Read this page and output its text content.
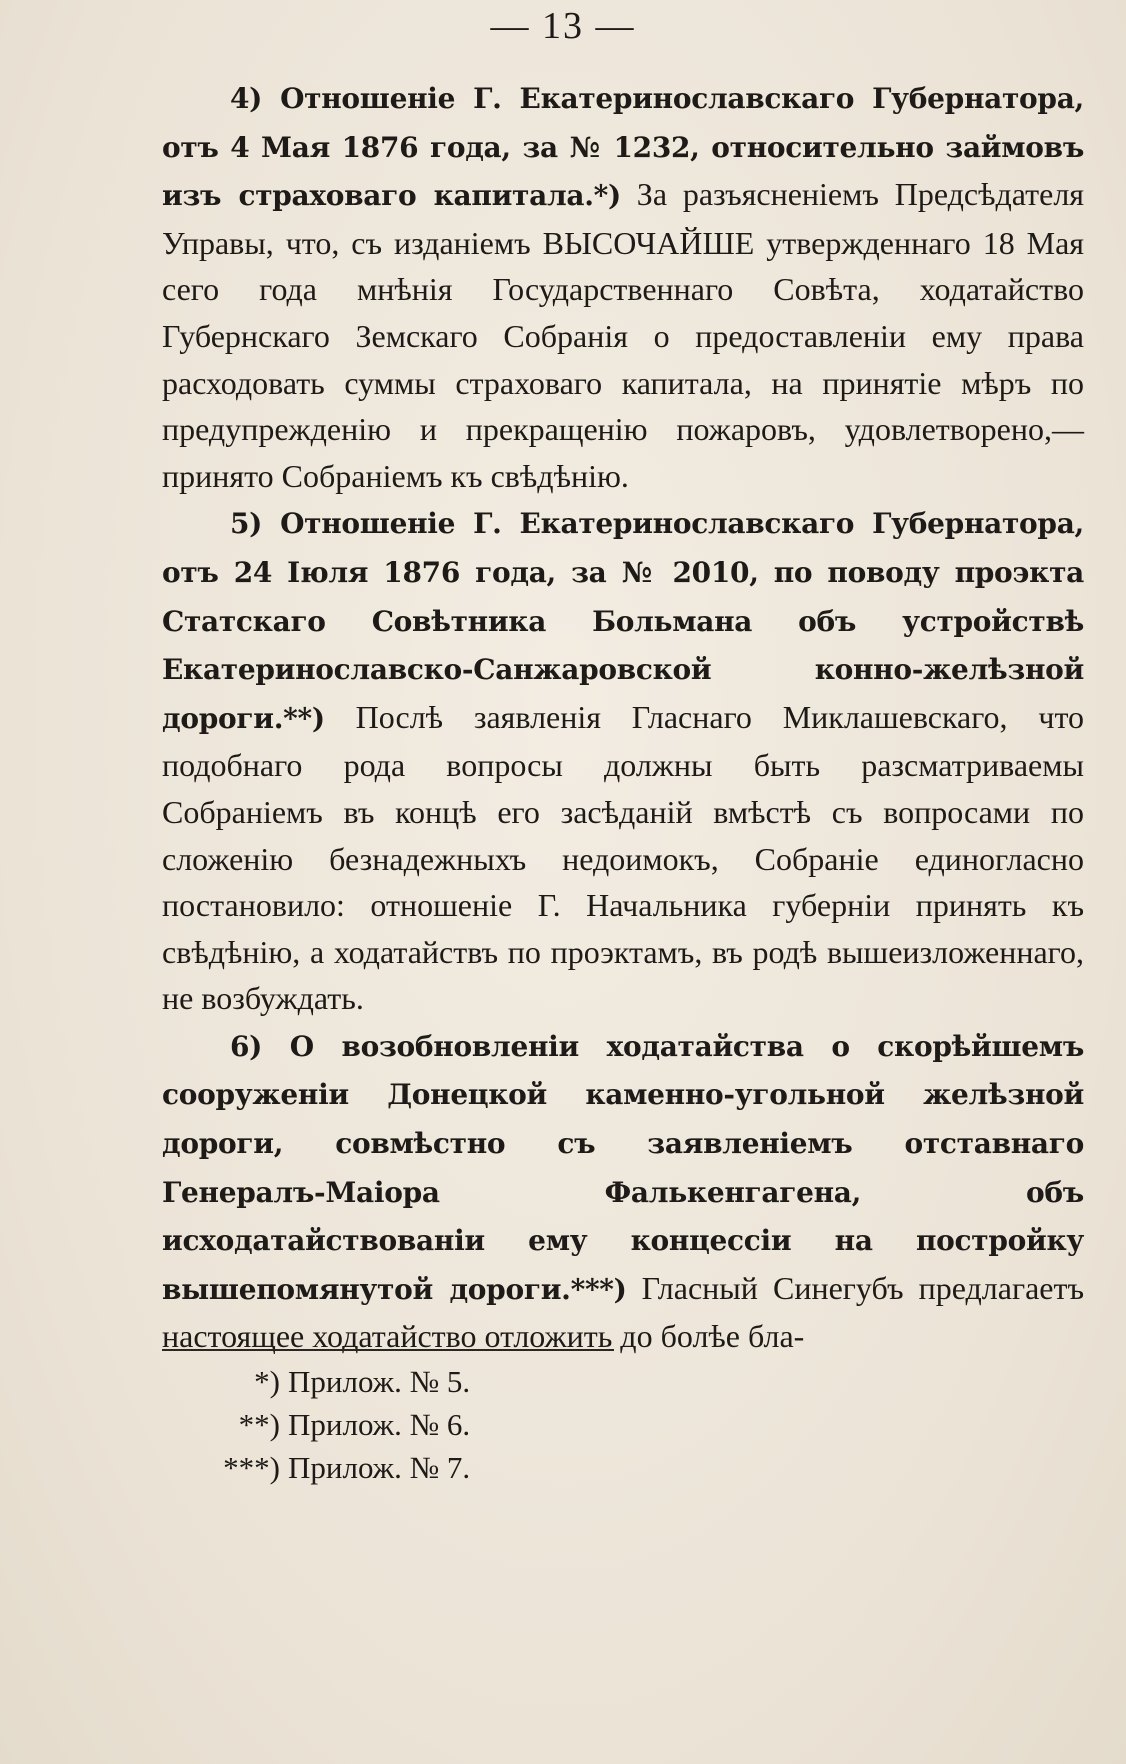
— 13 —

4) Отношеніе Г. Екатеринославскаго Губернатора, отъ 4 Мая 1876 года, за № 1232, относительно займовъ изъ страховаго капитала.*) За разъясненіемъ Предсѣдателя Управы, что, съ изданіемъ ВЫСОЧАЙШЕ утвержденнаго 18 Мая сего года мнѣнія Государственнаго Совѣта, ходатайство Губернскаго Земскаго Собранія о предоставленіи ему права расходовать суммы страховаго капитала, на принятіе мѣръ по предупрежденію и прекращенію пожаровъ, удовлетворено,—принято Собраніемъ къ свѣдѣнію.

5) Отношеніе Г. Екатеринославскаго Губернатора, отъ 24 Іюля 1876 года, за № 2010, по поводу проэкта Статскаго Совѣтника Больмана объ устройствѣ Екатеринославско-Санжаровской конно-желѣзной дороги.**) Послѣ заявленія Гласнаго Миклашевскаго, что подобнаго рода вопросы должны быть разсматриваемы Собраніемъ въ концѣ его засѣданій вмѣстѣ съ вопросами по сложенію безнадежныхъ недоимокъ, Собраніе единогласно постановило: отношеніе Г. Начальника губерніи принять къ свѣдѣнію, а ходатайствъ по проэктамъ, въ родѣ вышеизложеннаго, не возбуждать.

6) О возобновленіи ходатайства о скорѣйшемъ сооруженіи Донецкой каменно-угольной желѣзной дороги, совмѣстно съ заявленіемъ отставнаго Генералъ-Маіора Фалькенгагена, объ исходатайствованіи ему концессіи на постройку вышепомянутой дороги.***) Гласный Синегубъ предлагаетъ настоящее ходатайство отложить до болѣе бла-

*) Прилож. № 5.
**) Прилож. № 6.
***) Прилож. № 7.
